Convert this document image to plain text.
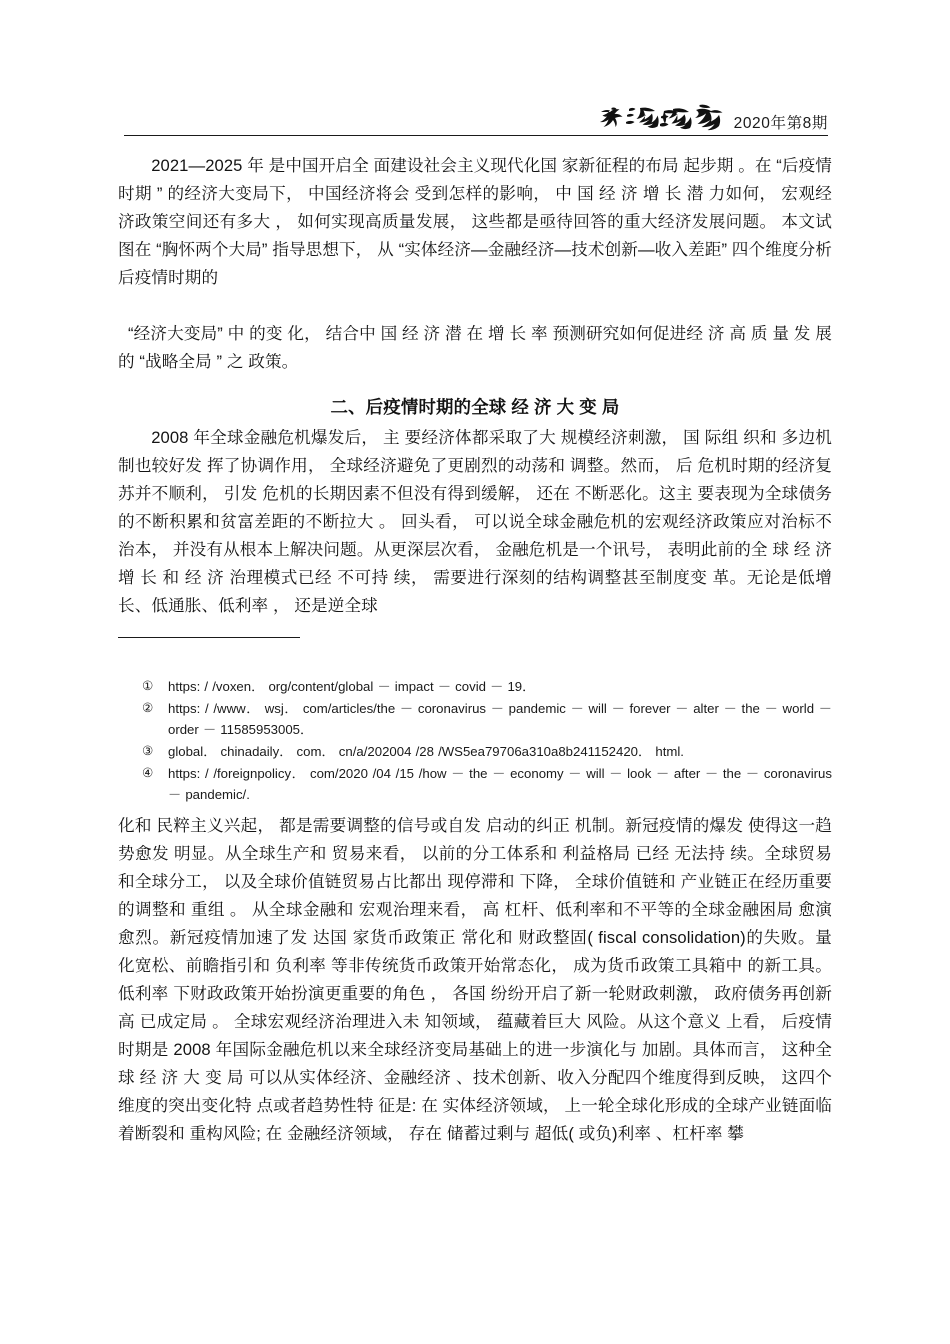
2020年第8期

2021—2025 年 是中国开启全 面建设社会主义现代化国 家新征程的布局 起步期 。在 “后疫情时期 ” 的经济大变局下， 中国经济将会 受到怎样的影响， 中 国 经 济 增 长 潜 力如何， 宏观经济政策空间还有多大 ， 如何实现高质量发展， 这些都是亟待回答的重大经济发展问题。 本文试图在 “胸怀两个大局” 指导思想下， 从 “实体经济—金融经济—技术创新—收入差距” 四个维度分析后疫情时期的

“经济大变局” 中 的变 化， 结合中 国 经 济 潜 在 增 长 率 预测研究如何促进经 济 高 质 量 发 展 的 “战略全局 ” 之 政策。

二、后疫情时期的全球 经 济 大 变 局

2008 年全球金融危机爆发后， 主 要经济体都采取了大 规模经济刺激， 国 际组 织和 多边机制也较好发 挥了协调作用， 全球经济避免了更剧烈的动荡和 调整。然而， 后 危机时期的经济复苏并不顺利， 引发 危机的长期因素不但没有得到缓解， 还在 不断恶化。这主 要表现为全球债务的不断积累和贫富差距的不断拉大 。 回头看， 可以说全球金融危机的宏观经济政策应对治标不治本， 并没有从根本上解决问题。从更深层次看， 金融危机是一个讯号， 表明此前的全 球 经 济 增 长 和 经 济 治理模式已经 不可持 续， 需要进行深刻的结构调整甚至制度变 革。无论是低增长、低通胀、低利率 ， 还是逆全球

①	https: / /voxen． org/content/global － impact － covid － 19．
②	https: / /www． wsj． com/articles/the － coronavirus － pandemic － will － forever － alter － the － world － order － 11585953005．
③	global． chinadaily． com． cn/a/202004 /28 /WS5ea79706a310a8b241152420． html.
④	https: / /foreignpolicy． com/2020 /04 /15 /how － the － economy － will － look － after － the － coronavirus － pandemic/.

化和 民粹主义兴起， 都是需要调整的信号或自发 启动的纠正 机制。新冠疫情的爆发 使得这一趋势愈发 明显。从全球生产和 贸易来看， 以前的分工体系和 利益格局 已经 无法持 续。全球贸易和全球分工， 以及全球价值链贸易占比都出 现停滞和 下降， 全球价值链和 产业链正在经历重要的调整和 重组 。 从全球金融和 宏观治理来看， 高 杠杆、低利率和不平等的全球金融困局 愈演愈烈。新冠疫情加速了发 达国 家货币政策正 常化和 财政整固( fiscal consolidation)的失败。量 化宽松、前瞻指引和 负利率 等非传统货币政策开始常态化， 成为货币政策工具箱中 的新工具。低利率 下财政政策开始扮演更重要的角色 ， 各国 纷纷开启了新一轮财政刺激， 政府债务再创新高 已成定局 。 全球宏观经济治理进入未 知领域， 蕴藏着巨大 风险。从这个意义 上看， 后疫情时期是 2008 年国际金融危机以来全球经济变局基础上的进一步演化与 加剧。具体而言， 这种全 球 经 济 大 变 局 可以从实体经济、金融经济 、技术创新、收入分配四个维度得到反映， 这四个维度的突出变化特 点或者趋势性特 征是: 在 实体经济领域， 上一轮全球化形成的全球产业链面临着断裂和 重构风险; 在 金融经济领域， 存在 储蓄过剩与 超低( 或负)利率 、杠杆率 攀
